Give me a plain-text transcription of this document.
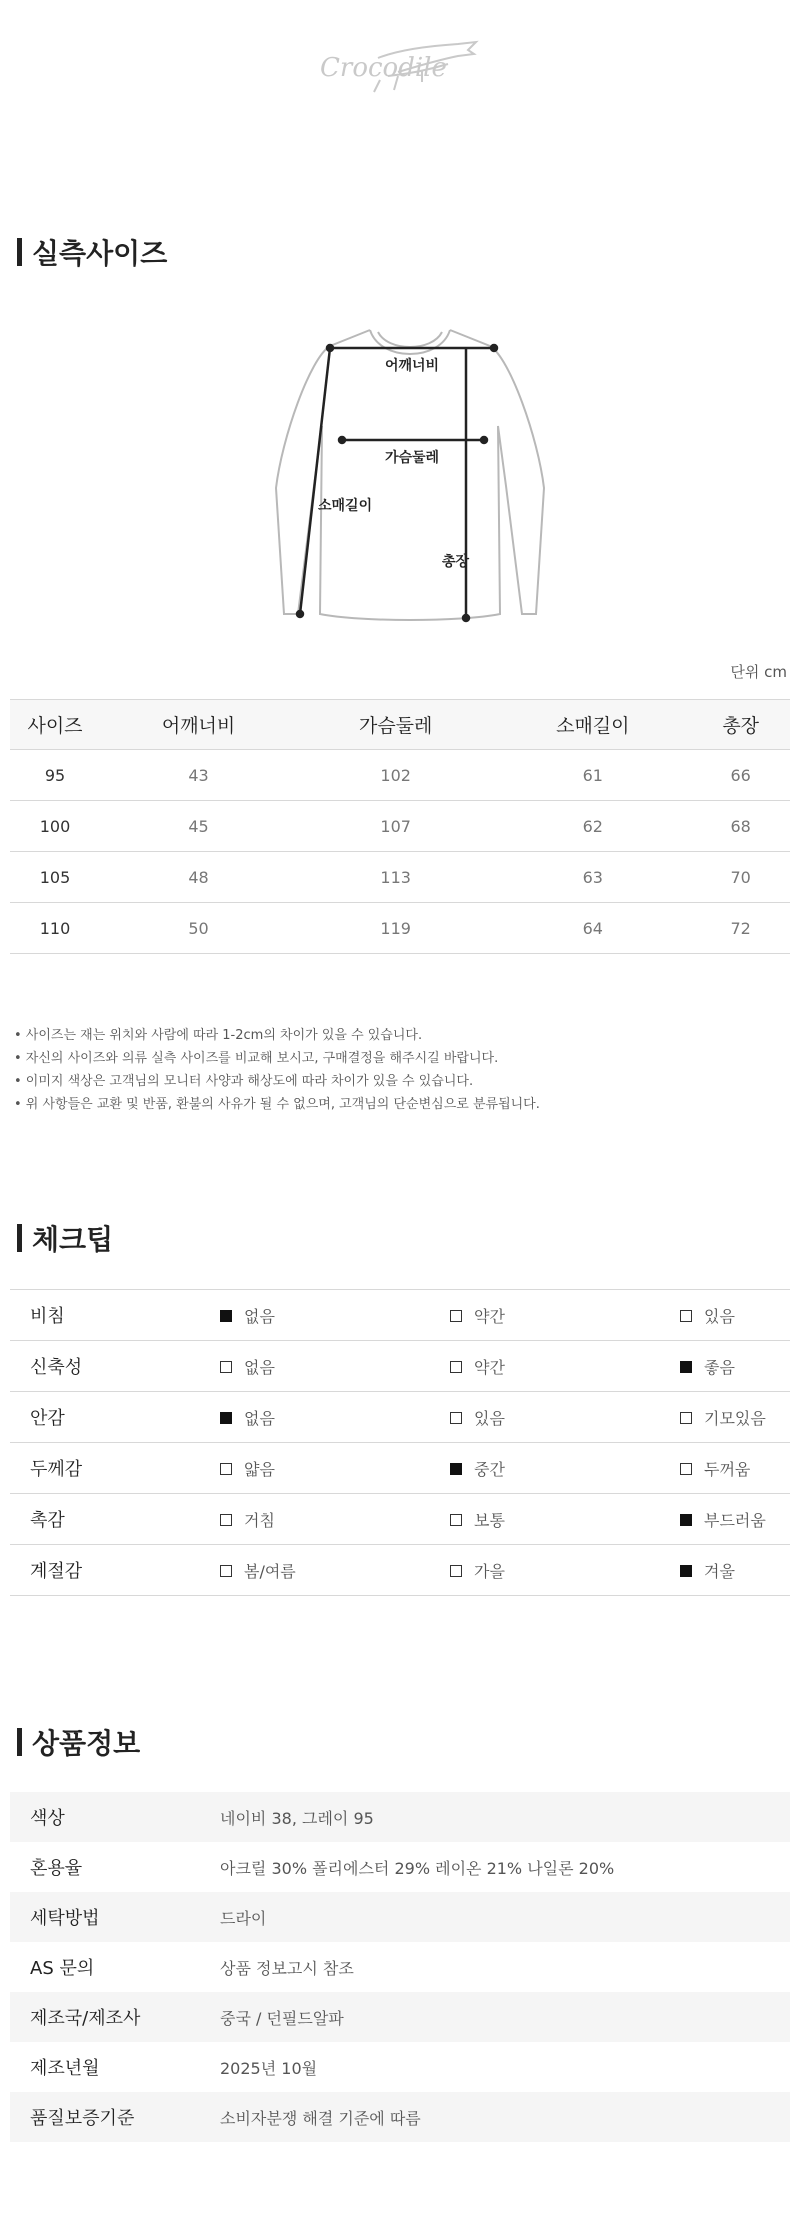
Crocodile
실측사이즈
어깨너비
가슴둘레
소매길이
총장
단위 cm
사이즈	어깨너비	가슴둘레	소매길이	총장
95	43	102	61	66
100	45	107	62	68
105	48	113	63	70
110	50	119	64	72
• 사이즈는 재는 위치와 사람에 따라 1-2cm의 차이가 있을 수 있습니다.
• 자신의 사이즈와 의류 실측 사이즈를 비교해 보시고, 구매결정을 해주시길 바랍니다.
• 이미지 색상은 고객님의 모니터 사양과 해상도에 따라 차이가 있을 수 있습니다.
• 위 사항들은 교환 및 반품, 환불의 사유가 될 수 없으며, 고객님의 단순변심으로 분류됩니다.
체크팁
비침	없음	약간	있음
신축성	없음	약간	좋음
안감	없음	있음	기모있음
두께감	얇음	중간	두꺼움
촉감	거침	보통	부드러움
계절감	봄/여름	가을	겨울
상품정보
색상	네이비 38, 그레이 95
혼용율	아크릴 30% 폴리에스터 29% 레이온 21% 나일론 20%
세탁방법	드라이
AS 문의	상품 정보고시 참조
제조국/제조사	중국 / 던필드알파
제조년월	2025년 10월
품질보증기준	소비자분쟁 해결 기준에 따름
